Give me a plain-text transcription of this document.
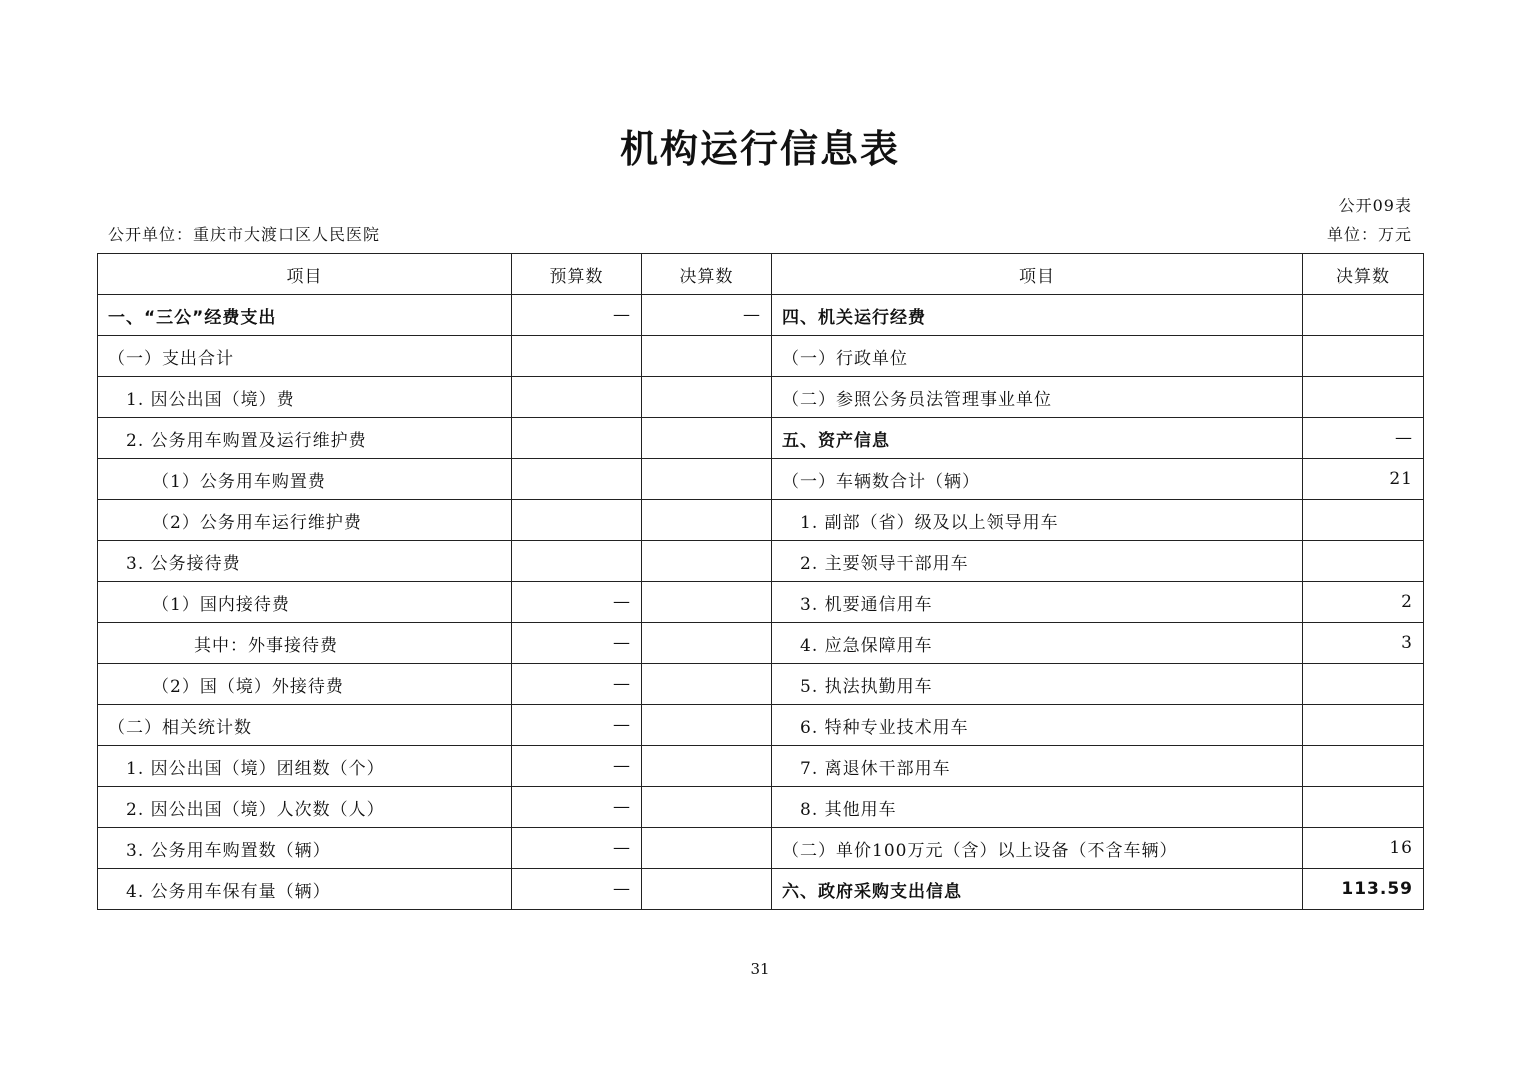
机构运行信息表
公开09表
公开单位：重庆市大渡口区人民医院	单位：万元
项目	预算数	决算数	项目	决算数
一、“三公”经费支出	—	—	四、机关运行经费	
（一）支出合计			（一）行政单位	
1. 因公出国（境）费			（二）参照公务员法管理事业单位	
2. 公务用车购置及运行维护费			五、资产信息	—
（1）公务用车购置费			（一）车辆数合计（辆）	21
（2）公务用车运行维护费			1. 副部（省）级及以上领导用车	
3. 公务接待费			2. 主要领导干部用车	
（1）国内接待费	—		3. 机要通信用车	2
其中：外事接待费	—		4. 应急保障用车	3
（2）国（境）外接待费	—		5. 执法执勤用车	
（二）相关统计数	—		6. 特种专业技术用车	
1. 因公出国（境）团组数（个）	—		7. 离退休干部用车	
2. 因公出国（境）人次数（人）	—		8. 其他用车	
3. 公务用车购置数（辆）	—		（二）单价100万元（含）以上设备（不含车辆）	16
4. 公务用车保有量（辆）	—		六、政府采购支出信息	113.59
31
